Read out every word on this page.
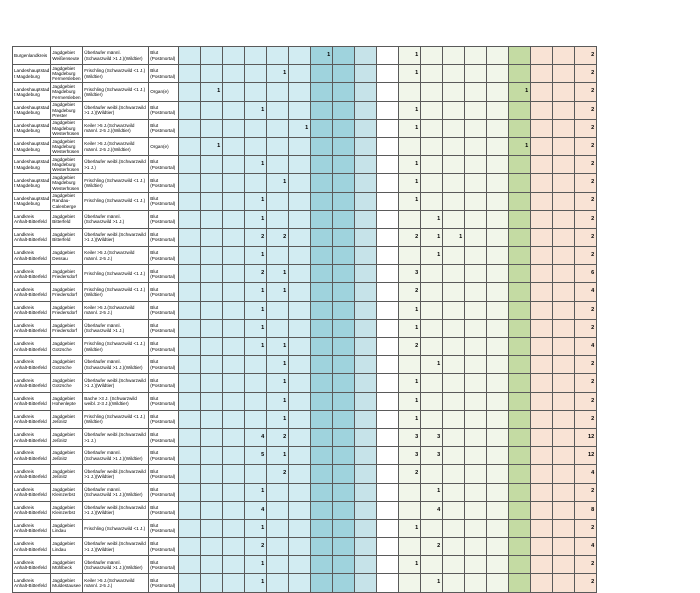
Burgenlandkreis	Jagdgebiet Weißenseute	Überläufer männl.(Schwarzwild >1 J.)(Wildtier)	Blut (Postmortal)							1				1								2
Landeshauptstad t Magdeburg	Jagdgebiet Magdeburg Fermersleben	Frischling (Schwarzwild <1 J.)(Wildtier)	Blut (Postmortal)					1						1								2
Landeshauptstad t Magdeburg	Jagdgebiet Magdeburg Fermersleben	Frischling (Schwarzwild <1 J.)(Wildtier)	Organ(e)		1														1			2
Landeshauptstad t Magdeburg	Jagdgebiet Magdeburg Prester	Überläufer weibl.(Schwarzwild >1 J.)(Wildtier)	Blut (Postmortal)				1							1								2
Landeshauptstad t Magdeburg	Jagdgebiet Magdeburg Westerhüsen	Keiler >5 J.(Schwarzwild männl. 2-5 J.)(Wildtier)	Blut (Postmortal)						1					1								2
Landeshauptstad t Magdeburg	Jagdgebiet Magdeburg Westerhüsen	Keiler >5 J.(Schwarzwild männl. 2-5 J.)(Wildtier)	Organ(e)		1														1			2
Landeshauptstad t Magdeburg	Jagdgebiet Magdeburg Westerhüsen	Überläufer weibl.(Schwarzwild >1 J.)	Blut (Postmortal)				1							1								2
Landeshauptstad t Magdeburg	Jagdgebiet Magdeburg Westerhüsen	Frischling (Schwarzwild <1 J.)(Wildtier)	Blut (Postmortal)					1						1								2
Landeshauptstad t Magdeburg	Jagdgebiet Randau-Calenberge	Frischling (Schwarzwild <1 J.)	Blut (Postmortal)				1							1								2
Landkreis Anhalt-Bitterfeld	Jagdgebiet Bitterfeld	Überläufer männl.(Schwarzwild >1 J.)	Blut (Postmortal)				1								1							2
Landkreis Anhalt-Bitterfeld	Jagdgebiet Bitterfeld	Überläufer weibl.(Schwarzwild >1 J.)(Wildtier)	Blut (Postmortal)				2	2						2	1	1						2
Landkreis Anhalt-Bitterfeld	Jagdgebiet Dessau	Keiler >5 J.(Schwarzwild männl. 2-5 J.)	Blut (Postmortal)				1								1							2
Landkreis Anhalt-Bitterfeld	Jagdgebiet Friedersdorf	Frischling (Schwarzwild <1 J.)	Blut (Postmortal)				2	1						3								6
Landkreis Anhalt-Bitterfeld	Jagdgebiet Friedersdorf	Frischling (Schwarzwild <1 J.)(Wildtier)	Blut (Postmortal)				1	1						2								4
Landkreis Anhalt-Bitterfeld	Jagdgebiet Friedersdorf	Keiler >5 J.(Schwarzwild männl. 2-5 J.)	Blut (Postmortal)				1							1								2
Landkreis Anhalt-Bitterfeld	Jagdgebiet Friedersdorf	Überläufer männl.(Schwarzwild >1 J.)	Blut (Postmortal)				1							1								2
Landkreis Anhalt-Bitterfeld	Jagdgebiet Gotzsche	Frischling (Schwarzwild <1 J.)(Wildtier)	Blut (Postmortal)				1	1						2								4
Landkreis Anhalt-Bitterfeld	Jagdgebiet Gotzsche	Überläufer männl.(Schwarzwild >1 J.)(Wildtier)	Blut (Postmortal)					1							1							2
Landkreis Anhalt-Bitterfeld	Jagdgebiet Gotzsche	Überläufer weibl.(Schwarzwild >1 J.)(Wildtier)	Blut (Postmortal)					1						1								2
Landkreis Anhalt-Bitterfeld	Jagdgebiet Hohenlepte	Bache >3 J. (Schwarzwild weibl. 2-3 J.)(Wildtier)	Blut (Postmortal)					1						1								2
Landkreis Anhalt-Bitterfeld	Jagdgebiet Jeßnitz	Frischling (Schwarzwild <1 J.)(Wildtier)	Blut (Postmortal)					1						1								2
Landkreis Anhalt-Bitterfeld	Jagdgebiet Jeßnitz	Überläufer weibl.(Schwarzwild >1 J.)	Blut (Postmortal)				4	2						3	3							12
Landkreis Anhalt-Bitterfeld	Jagdgebiet Jeßnitz	Überläufer männl.(Schwarzwild >1 J.)(Wildtier)	Blut (Postmortal)				5	1						3	3							12
Landkreis Anhalt-Bitterfeld	Jagdgebiet Jeßnitz	Überläufer weibl.(Schwarzwild >1 J.)(Wildtier)	Blut (Postmortal)					2						2								4
Landkreis Anhalt-Bitterfeld	Jagdgebiet Kleinzerbst	Überläufer männl.(Schwarzwild >1 J.)(Wildtier)	Blut (Postmortal)				1								1							2
Landkreis Anhalt-Bitterfeld	Jagdgebiet Kleinzerbst	Überläufer weibl.(Schwarzwild >1 J.)(Wildtier)	Blut (Postmortal)				4								4							8
Landkreis Anhalt-Bitterfeld	Jagdgebiet Lindau	Frischling (Schwarzwild <1 J.)	Blut (Postmortal)				1							1								2
Landkreis Anhalt-Bitterfeld	Jagdgebiet Lindau	Überläufer weibl.(Schwarzwild >1 J.)(Wildtier)	Blut (Postmortal)				2								2							4
Landkreis Anhalt-Bitterfeld	Jagdgebiet Mühlbeck	Überläufer männl.(Schwarzwild >1 J.)(Wildtier)	Blut (Postmortal)				1							1								2
Landkreis Anhalt-Bitterfeld	Jagdgebiet Muldestausee	Keiler >5 J.(Schwarzwild männl. 2-5 J.)	Blut (Postmortal)				1								1							2
